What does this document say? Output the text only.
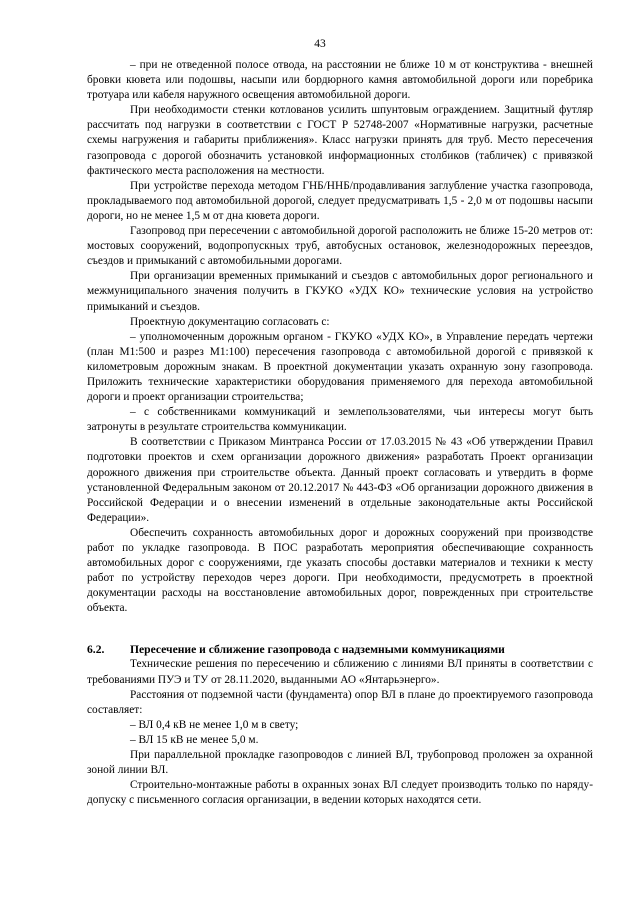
43

– при не отведенной полосе отвода, на расстоянии не ближе 10 м от конструктива - внешней бровки кювета или подошвы, насыпи или бордюрного камня автомобильной дороги или поребрика тротуара или кабеля наружного освещения автомобильной дороги.

При необходимости стенки котлованов усилить шпунтовым ограждением. Защитный футляр рассчитать под нагрузки в соответствии с ГОСТ Р 52748-2007 «Нормативные нагрузки, расчетные схемы нагружения и габариты приближения». Класс нагрузки принять для труб. Место пересечения газопровода с дорогой обозначить установкой информационных столбиков (табличек) с привязкой фактического места расположения на местности.

При устройстве перехода методом ГНБ/ННБ/продавливания заглубление участка газопровода, прокладываемого под автомобильной дорогой, следует предусматривать 1,5 - 2,0 м от подошвы насыпи дороги, но не менее 1,5 м от дна кювета дороги.

Газопровод при пересечении с автомобильной дорогой расположить не ближе 15-20 метров от: мостовых сооружений, водопропускных труб, автобусных остановок, железнодорожных переездов, съездов и примыканий с автомобильными дорогами.

При организации временных примыканий и съездов с автомобильных дорог регионального и межмуниципального значения получить в ГКУКО «УДХ КО» технические условия на устройство примыканий и съездов.

Проектную документацию согласовать с:

– уполномоченным дорожным органом - ГКУКО «УДХ КО», в Управление передать чертежи (план М1:500 и разрез М1:100) пересечения газопровода с автомобильной дорогой с привязкой к километровым дорожным знакам. В проектной документации указать охранную зону газопровода. Приложить технические характеристики оборудования применяемого для перехода автомобильной дороги и проект организации строительства;

– с собственниками коммуникаций и землепользователями, чьи интересы могут быть затронуты в результате строительства коммуникации.

В соответствии с Приказом Минтранса России от 17.03.2015 № 43 «Об утверждении Правил подготовки проектов и схем организации дорожного движения» разработать Проект организации дорожного движения при строительстве объекта. Данный проект согласовать и утвердить в форме установленной Федеральным законом от 20.12.2017 № 443-ФЗ «Об организации дорожного движения в Российской Федерации и о внесении изменений в отдельные законодательные акты Российской Федерации».

Обеспечить сохранность автомобильных дорог и дорожных сооружений при производстве работ по укладке газопровода. В ПОС разработать мероприятия обеспечивающие сохранность автомобильных дорог с сооружениями, где указать способы доставки материалов и техники к месту работ по устройству переходов через дороги. При необходимости, предусмотреть в проектной документации расходы на восстановление автомобильных дорог, поврежденных при строительстве объекта.

6.2. Пересечение и сближение газопровода с надземными коммуникациями

Технические решения по пересечению и сближению с линиями ВЛ приняты в соответствии с требованиями ПУЭ и ТУ от 28.11.2020, выданными АО «Янтарьэнерго».

Расстояния от подземной части (фундамента) опор ВЛ в плане до проектируемого газопровода составляет:

– ВЛ 0,4 кВ не менее 1,0 м в свету;

– ВЛ 15 кВ не менее 5,0 м.

При параллельной прокладке газопроводов с линией ВЛ, трубопровод проложен за охранной зоной линии ВЛ.

Строительно-монтажные работы в охранных зонах ВЛ следует производить только по наряду-допуску с письменного согласия организации, в ведении которых находятся сети.
